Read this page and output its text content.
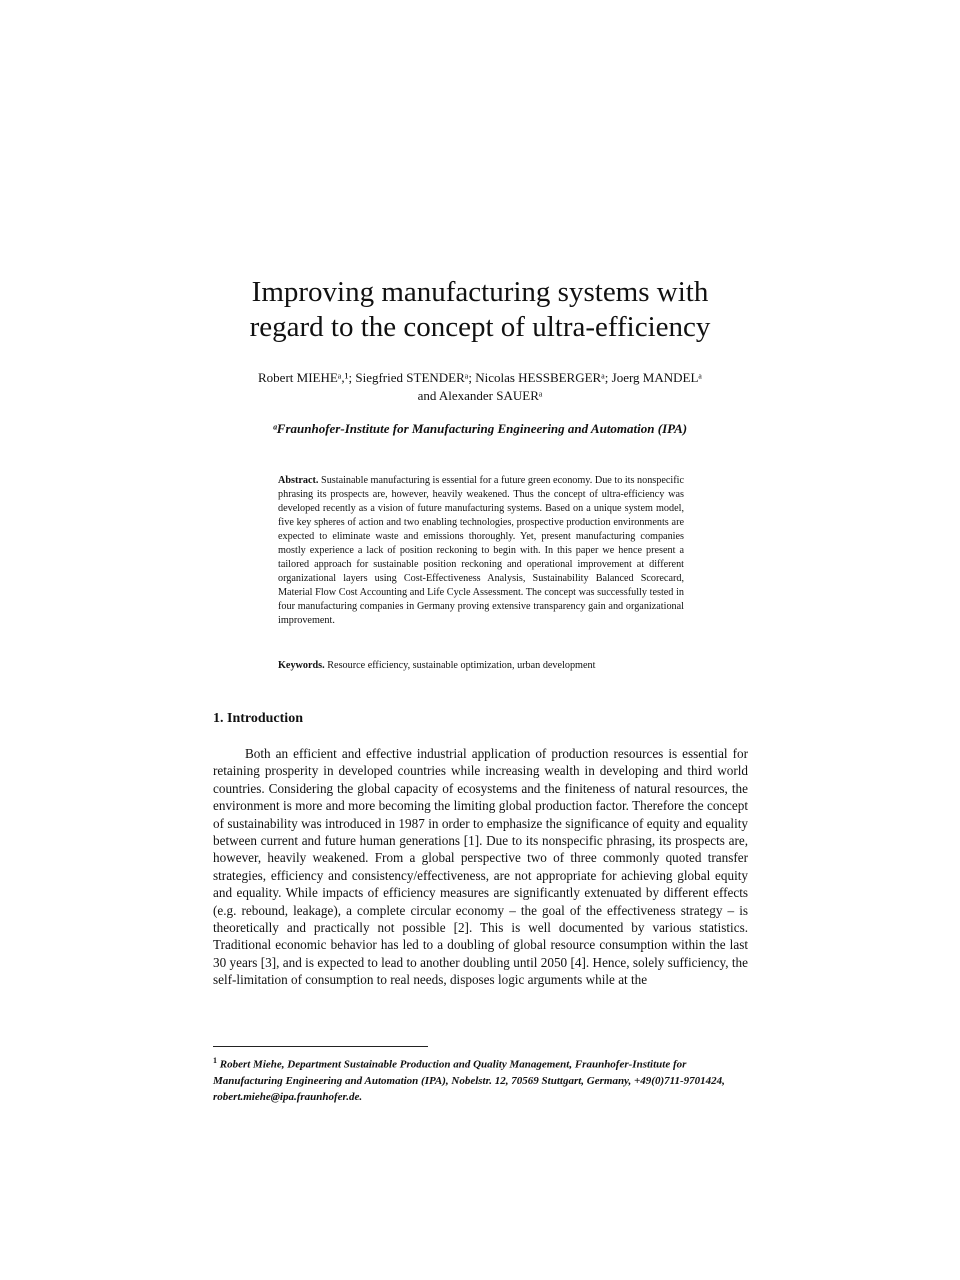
Improving manufacturing systems with
regard to the concept of ultra-efficiency
Robert MIEHEᵃ,¹; Siegfried STENDERᵃ; Nicolas HESSBERGERᵃ; Joerg MANDELᵃ
and Alexander SAUERᵃ
ᵃFraunhofer-Institute for Manufacturing Engineering and Automation (IPA)
Abstract. Sustainable manufacturing is essential for a future green economy. Due to its nonspecific phrasing its prospects are, however, heavily weakened. Thus the concept of ultra-efficiency was developed recently as a vision of future manufacturing systems. Based on a unique system model, five key spheres of action and two enabling technologies, prospective production environments are expected to eliminate waste and emissions thoroughly. Yet, present manufacturing companies mostly experience a lack of position reckoning to begin with. In this paper we hence present a tailored approach for sustainable position reckoning and operational improvement at different organizational layers using Cost-Effectiveness Analysis, Sustainability Balanced Scorecard, Material Flow Cost Accounting and Life Cycle Assessment. The concept was successfully tested in four manufacturing companies in Germany proving extensive transparency gain and organizational improvement.
Keywords. Resource efficiency, sustainable optimization, urban development
1. Introduction

Both an efficient and effective industrial application of production resources is essential for retaining prosperity in developed countries while increasing wealth in developing and third world countries. Considering the global capacity of ecosystems and the finiteness of natural resources, the environment is more and more becoming the limiting global production factor. Therefore the concept of sustainability was introduced in 1987 in order to emphasize the significance of equity and equality between current and future human generations [1]. Due to its nonspecific phrasing, its prospects are, however, heavily weakened. From a global perspective two of three commonly quoted transfer strategies, efficiency and consistency/effectiveness, are not appropriate for achieving global equity and equality. While impacts of efficiency measures are significantly extenuated by different effects (e.g. rebound, leakage), a complete circular economy – the goal of the effectiveness strategy – is theoretically and practically not possible [2]. This is well documented by various statistics. Traditional economic behavior has led to a doubling of global resource consumption within the last 30 years [3], and is expected to lead to another doubling until 2050 [4]. Hence, solely sufficiency, the self-limitation of consumption to real needs, disposes logic arguments while at the

$^1$ Robert Miehe, Department Sustainable Production and Quality Management, Fraunhofer-Institute for Manufacturing Engineering and Automation (IPA), Nobelstr. 12, 70569 Stuttgart, Germany, +49(0)711-9701424, robert.miehe@ipa.fraunhofer.de.
